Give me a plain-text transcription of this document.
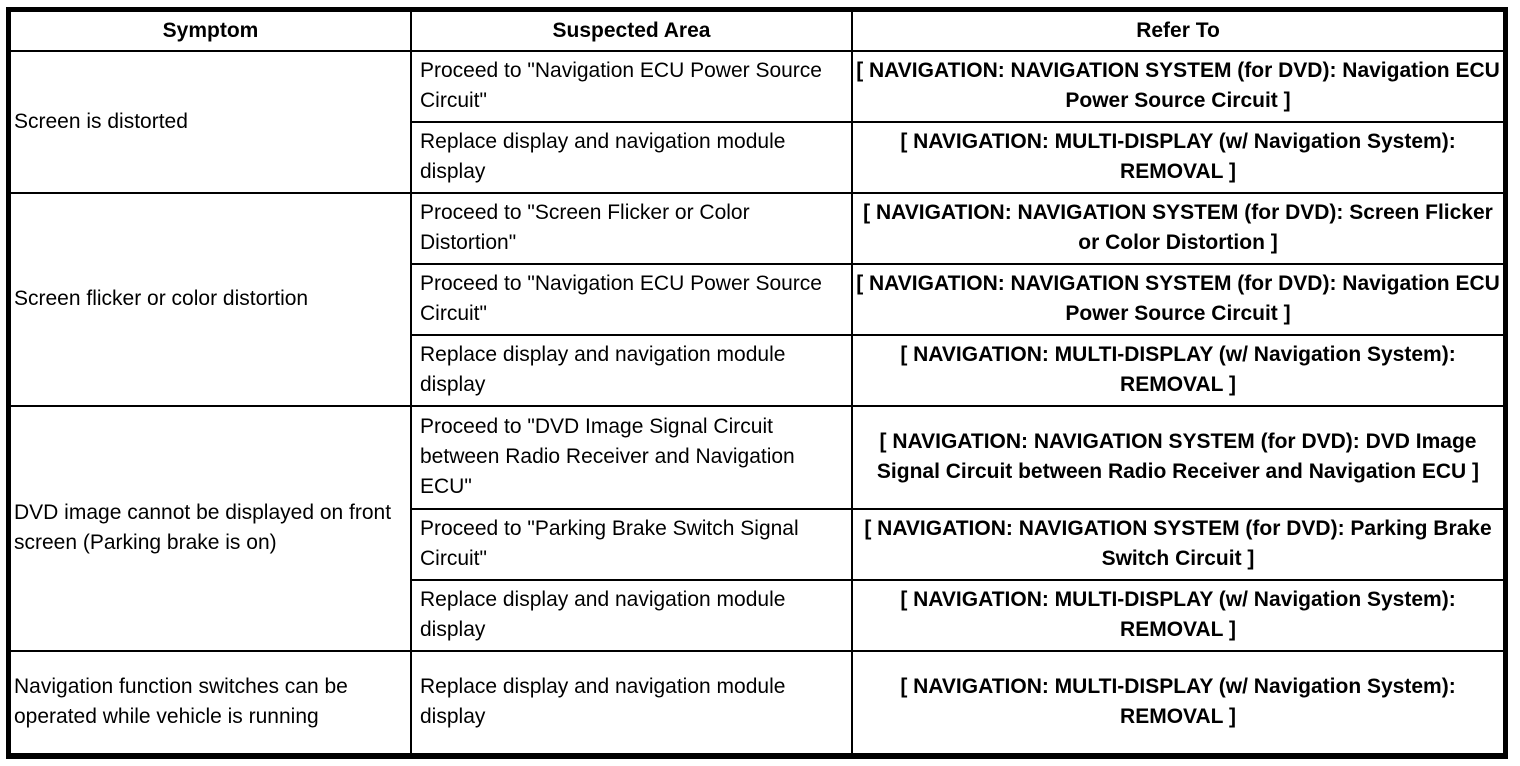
Symptom	Suspected Area	Refer To
Screen is distorted	Proceed to "Navigation ECU Power Source Circuit"	[ NAVIGATION: NAVIGATION SYSTEM (for DVD): Navigation ECU Power Source Circuit ]
	Replace display and navigation module display	[ NAVIGATION: MULTI-DISPLAY (w/ Navigation System): REMOVAL ]
Screen flicker or color distortion	Proceed to "Screen Flicker or Color Distortion"	[ NAVIGATION: NAVIGATION SYSTEM (for DVD): Screen Flicker or Color Distortion ]
	Proceed to "Navigation ECU Power Source Circuit"	[ NAVIGATION: NAVIGATION SYSTEM (for DVD): Navigation ECU Power Source Circuit ]
	Replace display and navigation module display	[ NAVIGATION: MULTI-DISPLAY (w/ Navigation System): REMOVAL ]
DVD image cannot be displayed on front screen (Parking brake is on)	Proceed to "DVD Image Signal Circuit between Radio Receiver and Navigation ECU"	[ NAVIGATION: NAVIGATION SYSTEM (for DVD): DVD Image Signal Circuit between Radio Receiver and Navigation ECU ]
	Proceed to "Parking Brake Switch Signal Circuit"	[ NAVIGATION: NAVIGATION SYSTEM (for DVD): Parking Brake Switch Circuit ]
	Replace display and navigation module display	[ NAVIGATION: MULTI-DISPLAY (w/ Navigation System): REMOVAL ]
Navigation function switches can be operated while vehicle is running	Replace display and navigation module display	[ NAVIGATION: MULTI-DISPLAY (w/ Navigation System): REMOVAL ]
